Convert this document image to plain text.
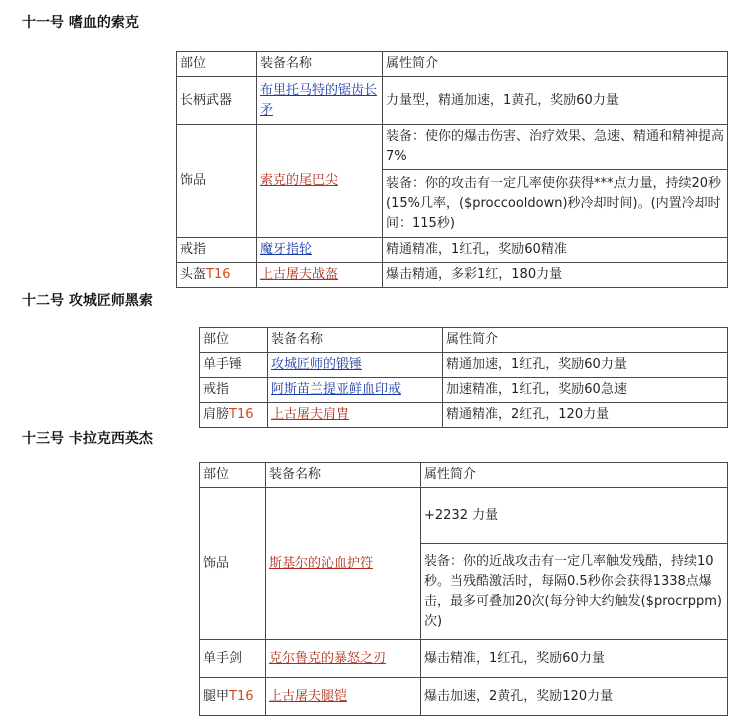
十一号 嗜血的索克
部位	装备名称	属性简介
长柄武器	布里托马特的锯齿长矛	力量型，精通加速，1黄孔，奖励60力量
饰品	索克的尾巴尖	装备：使你的爆击伤害、治疗效果、急速、精通和精神提高7%
		装备：你的攻击有一定几率使你获得***点力量，持续20秒(15%几率，($proccooldown)秒冷却时间)。(内置冷却时间：115秒)
戒指	魔牙指轮	精通精准，1红孔，奖励60精准
头盔T16	上古屠夫战盔	爆击精通，多彩1红，180力量
十二号 攻城匠师黑索
部位	装备名称	属性简介
单手锤	攻城匠师的锻锤	精通加速，1红孔，奖励60力量
戒指	阿斯苗兰提亚鲜血印戒	加速精准，1红孔，奖励60急速
肩膀T16	上古屠夫肩胄	精通精准，2红孔，120力量
十三号 卡拉克西英杰
部位	装备名称	属性简介
饰品	斯基尔的沁血护符	+2232 力量
		装备：你的近战攻击有一定几率触发残酷，持续10秒。当残酷激活时，每隔0.5秒你会获得1338点爆击，最多可叠加20次(每分钟大约触发($procrppm)次)
单手剑	克尔鲁克的暴怒之刃	爆击精准，1红孔，奖励60力量
腿甲T16	上古屠夫腿铠	爆击加速，2黄孔，奖励120力量
